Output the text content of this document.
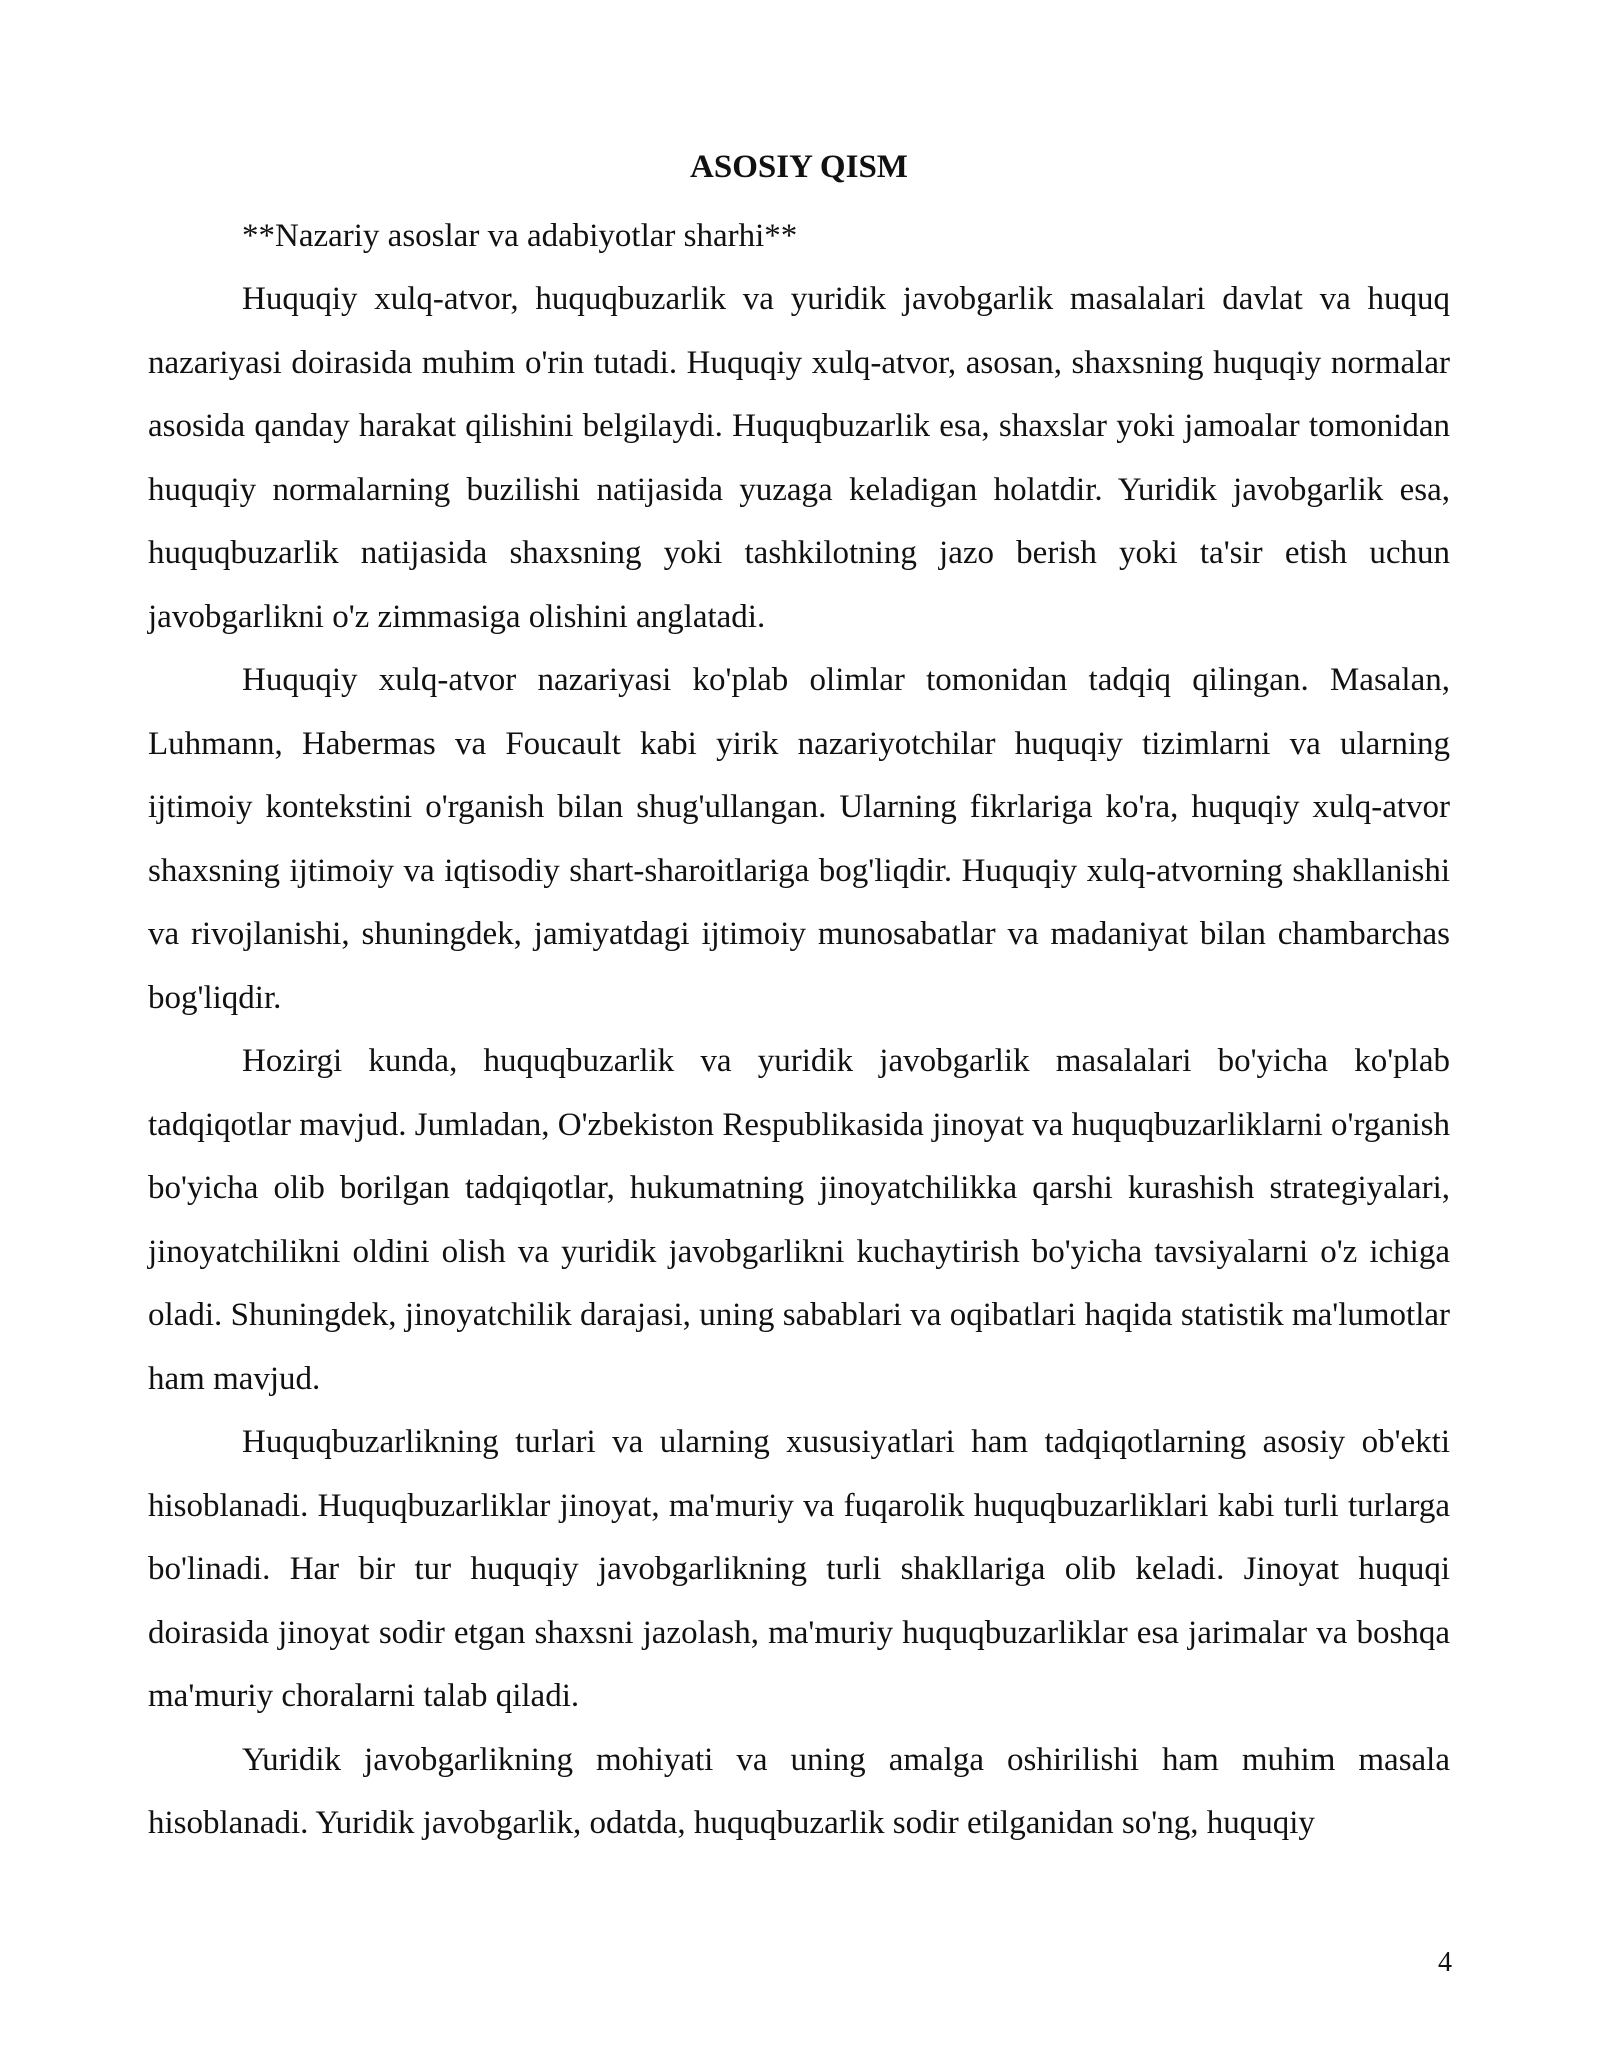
ASOSIY QISM

**Nazariy asoslar va adabiyotlar sharhi**

Huquqiy xulq-atvor, huquqbuzarlik va yuridik javobgarlik masalalari davlat va huquq nazariyasi doirasida muhim o'rin tutadi. Huquqiy xulq-atvor, asosan, shaxsning huquqiy normalar asosida qanday harakat qilishini belgilaydi. Huquqbuzarlik esa, shaxslar yoki jamoalar tomonidan huquqiy normalarning buzilishi natijasida yuzaga keladigan holatdir. Yuridik javobgarlik esa, huquqbuzarlik natijasida shaxsning yoki tashkilotning jazo berish yoki ta'sir etish uchun javobgarlikni o'z zimmasiga olishini anglatadi.

Huquqiy xulq-atvor nazariyasi ko'plab olimlar tomonidan tadqiq qilingan. Masalan, Luhmann, Habermas va Foucault kabi yirik nazariyotchilar huquqiy tizimlarni va ularning ijtimoiy kontekstini o'rganish bilan shug'ullangan. Ularning fikrlariga ko'ra, huquqiy xulq-atvor shaxsning ijtimoiy va iqtisodiy shart-sharoitlariga bog'liqdir. Huquqiy xulq-atvorning shakllanishi va rivojlanishi, shuningdek, jamiyatdagi ijtimoiy munosabatlar va madaniyat bilan chambarchas bog'liqdir.

Hozirgi kunda, huquqbuzarlik va yuridik javobgarlik masalalari bo'yicha ko'plab tadqiqotlar mavjud. Jumladan, O'zbekiston Respublikasida jinoyat va huquqbuzarliklarni o'rganish bo'yicha olib borilgan tadqiqotlar, hukumatning jinoyatchilikka qarshi kurashish strategiyalari, jinoyatchilikni oldini olish va yuridik javobgarlikni kuchaytirish bo'yicha tavsiyalarni o'z ichiga oladi. Shuningdek, jinoyatchilik darajasi, uning sabablari va oqibatlari haqida statistik ma'lumotlar ham mavjud.

Huquqbuzarlikning turlari va ularning xususiyatlari ham tadqiqotlarning asosiy ob'ekti hisoblanadi. Huquqbuzarliklar jinoyat, ma'muriy va fuqarolik huquqbuzarliklari kabi turli turlarga bo'linadi. Har bir tur huquqiy javobgarlikning turli shakllariga olib keladi. Jinoyat huquqi doirasida jinoyat sodir etgan shaxsni jazolash, ma'muriy huquqbuzarliklar esa jarimalar va boshqa ma'muriy choralarni talab qiladi.

Yuridik javobgarlikning mohiyati va uning amalga oshirilishi ham muhim masala hisoblanadi. Yuridik javobgarlik, odatda, huquqbuzarlik sodir etilganidan so'ng, huquqiy

4
